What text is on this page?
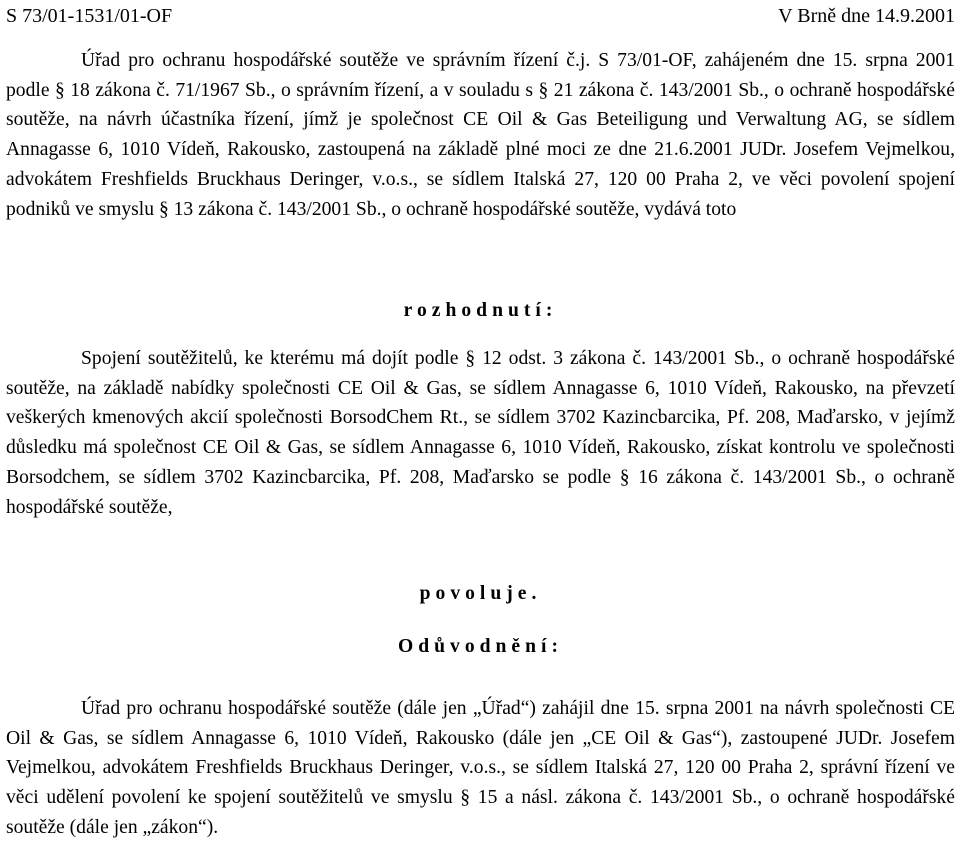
S 73/01-1531/01-OF	V Brně dne 14.9.2001

Úřad pro ochranu hospodářské soutěže ve správním řízení č.j. S 73/01-OF, zahájeném dne 15. srpna 2001 podle § 18 zákona č. 71/1967 Sb., o správním řízení, a v souladu s § 21 zákona č. 143/2001 Sb., o ochraně hospodářské soutěže, na návrh účastníka řízení, jímž je společnost CE Oil & Gas Beteiligung und Verwaltung AG, se sídlem Annagasse 6, 1010 Vídeň, Rakousko, zastoupená na základě plné moci ze dne 21.6.2001 JUDr. Josefem Vejmelkou, advokátem Freshfields Bruckhaus Deringer, v.o.s., se sídlem Italská 27, 120 00 Praha 2, ve věci povolení spojení podniků ve smyslu § 13 zákona č. 143/2001 Sb., o ochraně hospodářské soutěže, vydává toto

rozhodnutí:

Spojení soutěžitelů, ke kterému má dojít podle § 12 odst. 3 zákona č. 143/2001 Sb., o ochraně hospodářské soutěže, na základě nabídky společnosti CE Oil & Gas, se sídlem Annagasse 6, 1010 Vídeň, Rakousko, na převzetí veškerých kmenových akcií společnosti BorsodChem Rt., se sídlem 3702 Kazincbarcika, Pf. 208, Maďarsko, v jejímž důsledku má společnost CE Oil & Gas, se sídlem Annagasse 6, 1010 Vídeň, Rakousko, získat kontrolu ve společnosti Borsodchem, se sídlem 3702 Kazincbarcika, Pf. 208, Maďarsko se podle § 16 zákona č. 143/2001 Sb., o ochraně hospodářské soutěže,

povoluje.

Odůvodnění:

Úřad pro ochranu hospodářské soutěže (dále jen „Úřad“) zahájil dne 15. srpna 2001 na návrh společnosti CE Oil & Gas, se sídlem Annagasse 6, 1010 Vídeň, Rakousko (dále jen „CE Oil & Gas“), zastoupené JUDr. Josefem Vejmelkou, advokátem Freshfields Bruckhaus Deringer, v.o.s., se sídlem Italská 27, 120 00 Praha 2, správní řízení ve věci udělení povolení ke spojení soutěžitelů ve smyslu § 15 a násl. zákona č. 143/2001 Sb., o ochraně hospodářské soutěže (dále jen „zákon“).
